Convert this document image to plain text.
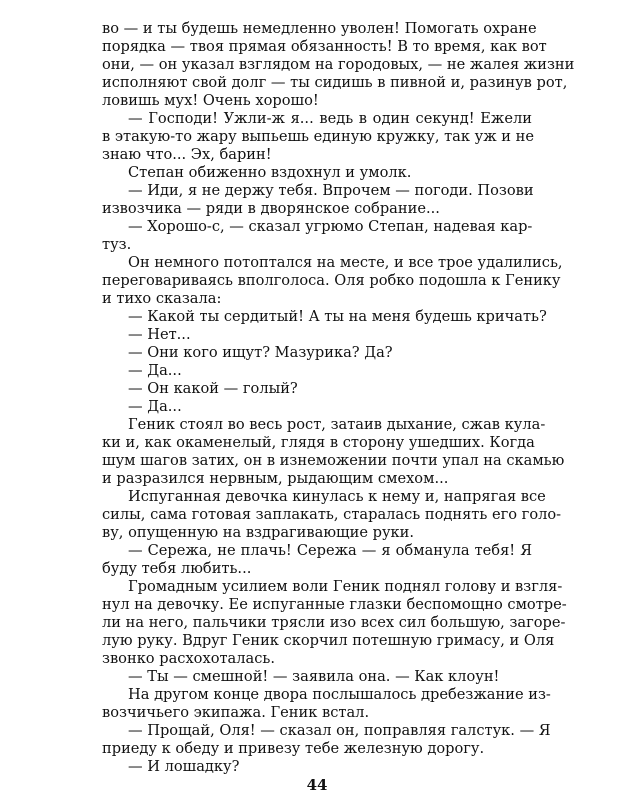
во — и ты будешь немедленно уволен! Помогать охране
порядка — твоя прямая обязанность! В то время, как вот
они, — он указал взглядом на городовых, — не жалея жизни
исполняют свой долг — ты сидишь в пивной и, разинув рот,
ловишь мух! Очень хорошо!
— Господи! Ужли-ж я... ведь в один секунд! Ежели
в этакую-то жару выпьешь единую кружку, так уж и не
знаю что... Эх, барин!
Степан обиженно вздохнул и умолк.
— Иди, я не держу тебя. Впрочем — погоди. Позови
извозчика — ряди в дворянское собрание...
— Хорошо-с, — сказал угрюмо Степан, надевая кар-
туз.
Он немного потоптался на месте, и все трое удалились,
переговариваясь вполголоса. Оля робко подошла к Генику
и тихо сказала:
— Какой ты сердитый! А ты на меня будешь кричать?
— Нет...
— Они кого ищут? Мазурика? Да?
— Да...
— Он какой — голый?
— Да...
Геник стоял во весь рост, затаив дыхание, сжав кула-
ки и, как окаменелый, глядя в сторону ушедших. Когда
шум шагов затих, он в изнеможении почти упал на скамью
и разразился нервным, рыдающим смехом...
Испуганная девочка кинулась к нему и, напрягая все
силы, сама готовая заплакать, старалась поднять его голо-
ву, опущенную на вздрагивающие руки.
— Сережа, не плачь! Сережа — я обманула тебя! Я
буду тебя любить...
Громадным усилием воли Геник поднял голову и взгля-
нул на девочку. Ее испуганные глазки беспомощно смотре-
ли на него, пальчики трясли изо всех сил большую, загоре-
лую руку. Вдруг Геник скорчил потешную гримасу, и Оля
звонко расхохоталась.
— Ты — смешной! — заявила она. — Как клоун!
На другом конце двора послышалось дребезжание из-
возчичьего экипажа. Геник встал.
— Прощай, Оля! — сказал он, поправляя галстук. — Я
приеду к обеду и привезу тебе железную дорогу.
— И лошадку?
44
